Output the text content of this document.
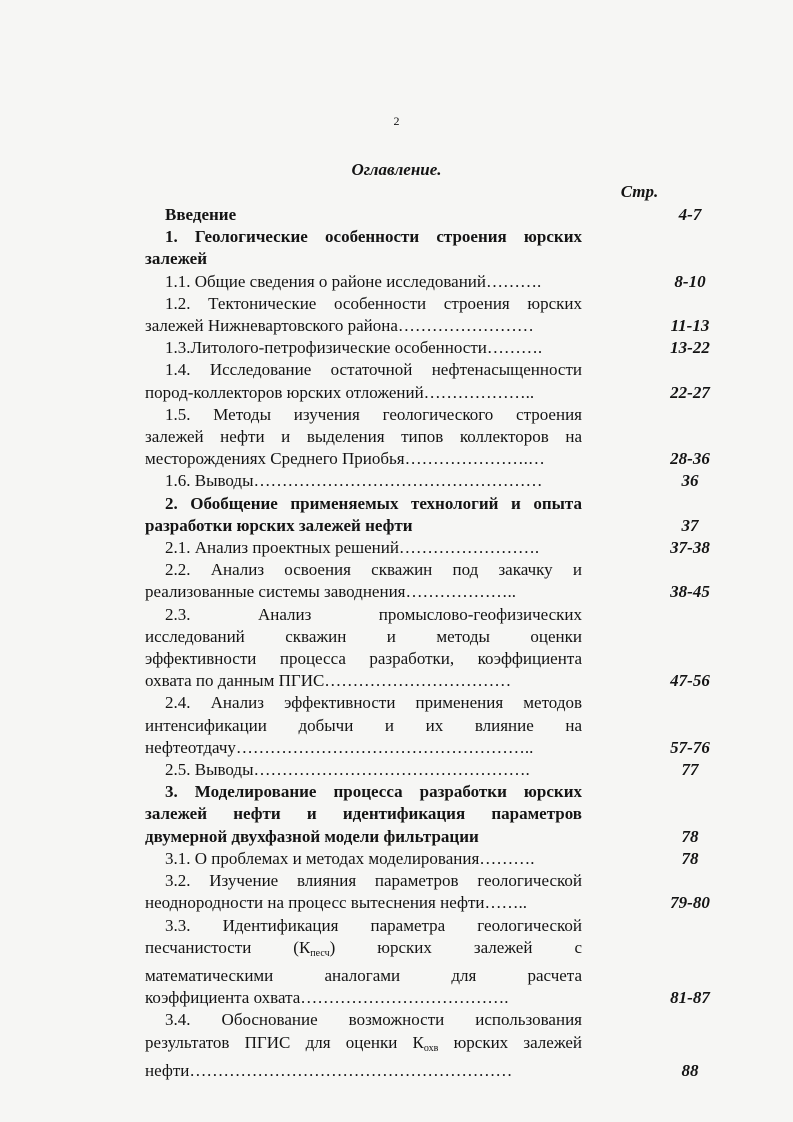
2
Оглавление.
Стр.
Введение	4-7
1. Геологические особенности строения юрских
залежей
1.1. Общие сведения о районе исследований……….	8-10
1.2. Тектонические особенности строения юрских
залежей Нижневартовского района……………………	11-13
1.3.Литолого-петрофизические особенности……….	13-22
1.4. Исследование остаточной нефтенасыщенности
пород-коллекторов юрских отложений………………..	22-27
1.5. Методы изучения геологического строения
залежей нефти и выделения типов коллекторов на
месторождениях Среднего Приобья………………….…	28-36
1.6. Выводы……………………………………………	36
2. Обобщение применяемых технологий и опыта
разработки юрских залежей нефти	37
2.1. Анализ проектных решений…………………….	37-38
2.2. Анализ освоения скважин под закачку и
реализованные системы заводнения………………..	38-45
2.3. Анализ промыслово-геофизических
исследований скважин и методы оценки
эффективности процесса разработки, коэффициента
охвата по данным ПГИС……………………………	47-56
2.4. Анализ эффективности применения методов
интенсификации добычи и их влияние на
нефтеотдачу……………………………………………..	57-76
2.5. Выводы………………………………………….	77
3. Моделирование процесса разработки юрских
залежей нефти и идентификация параметров
двумерной двухфазной модели фильтрации	78
3.1. О проблемах и методах моделирования……….	78
3.2. Изучение влияния параметров геологической
неоднородности на процесс вытеснения нефти……..	79-80
3.3. Идентификация параметра геологической
песчанистости $(К_{песч})$ юрских залежей с
математическими аналогами для расчета
коэффициента охвата……………………………….	81-87
3.4. Обоснование возможности использования
результатов ПГИС для оценки $К_{охв}$ юрских залежей
нефти…………………………………………………	88
